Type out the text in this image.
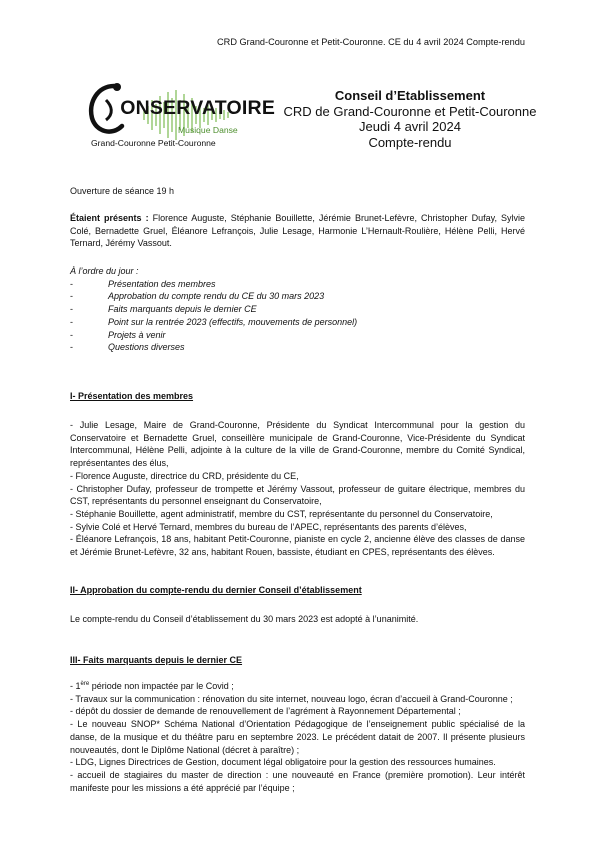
CRD Grand-Couronne et Petit-Couronne. CE du 4 avril 2024 Compte-rendu
ONSERVATOIRE
Musique Danse
Grand-Couronne Petit-Couronne
Conseil d’Etablissement
CRD de Grand-Couronne et Petit-Couronne
Jeudi 4 avril 2024
Compte-rendu

Ouverture de séance 19 h

Étaient présents : Florence Auguste, Stéphanie Bouillette, Jérémie Brunet-Lefèvre, Christopher Dufay, Sylvie Colé, Bernadette Gruel, Éléanore Lefrançois, Julie Lesage, Harmonie L’Hernault-Roulière, Hélène Pelli, Hervé Ternard, Jérémy Vassout.

À l’ordre du jour :

-	Présentation des membres
-	Approbation du compte rendu du CE du 30 mars 2023
-	Faits marquants depuis le dernier CE
-	Point sur la rentrée 2023 (effectifs, mouvements de personnel)
-	Projets à venir
-	Questions diverses

I- Présentation des membres

- Julie Lesage, Maire de Grand-Couronne, Présidente du Syndicat Intercommunal pour la gestion du Conservatoire et Bernadette Gruel, conseillère municipale de Grand-Couronne, Vice-Présidente du Syndicat Intercommunal, Hélène Pelli, adjointe à la culture de la ville de Grand-Couronne, membre du Comité Syndical, représentantes des élus,

- Florence Auguste, directrice du CRD, présidente du CE,

- Christopher Dufay, professeur de trompette et Jérémy Vassout, professeur de guitare électrique, membres du CST, représentants du personnel enseignant du Conservatoire,

- Stéphanie Bouillette, agent administratif, membre du CST, représentante du personnel du Conservatoire,

- Sylvie Colé et Hervé Ternard, membres du bureau de l’APEC, représentants des parents d’élèves,

- Éléanore Lefrançois, 18 ans, habitant Petit-Couronne, pianiste en cycle 2, ancienne élève des classes de danse et Jérémie Brunet-Lefèvre, 32 ans, habitant Rouen, bassiste, étudiant en CPES, représentants des élèves.

II- Approbation du compte-rendu du dernier Conseil d’établissement

Le compte-rendu du Conseil d’établissement du 30 mars 2023 est adopté à l’unanimité.

III- Faits marquants depuis le dernier CE

- 1ère période non impactée par le Covid ;

- Travaux sur la communication : rénovation du site internet, nouveau logo, écran d’accueil à Grand-Couronne ;

- dépôt du dossier de demande de renouvellement de l’agrément à Rayonnement Départemental ;

- Le nouveau SNOP* Schéma National d’Orientation Pédagogique de l’enseignement public spécialisé de la danse, de la musique et du théâtre paru en septembre 2023. Le précédent datait de 2007. Il présente plusieurs nouveautés, dont le Diplôme National (décret à paraître) ;

- LDG, Lignes Directrices de Gestion, document légal obligatoire pour la gestion des ressources humaines.

- accueil de stagiaires du master de direction : une nouveauté en France (première promotion). Leur intérêt manifeste pour les missions a été apprécié par l’équipe ;
